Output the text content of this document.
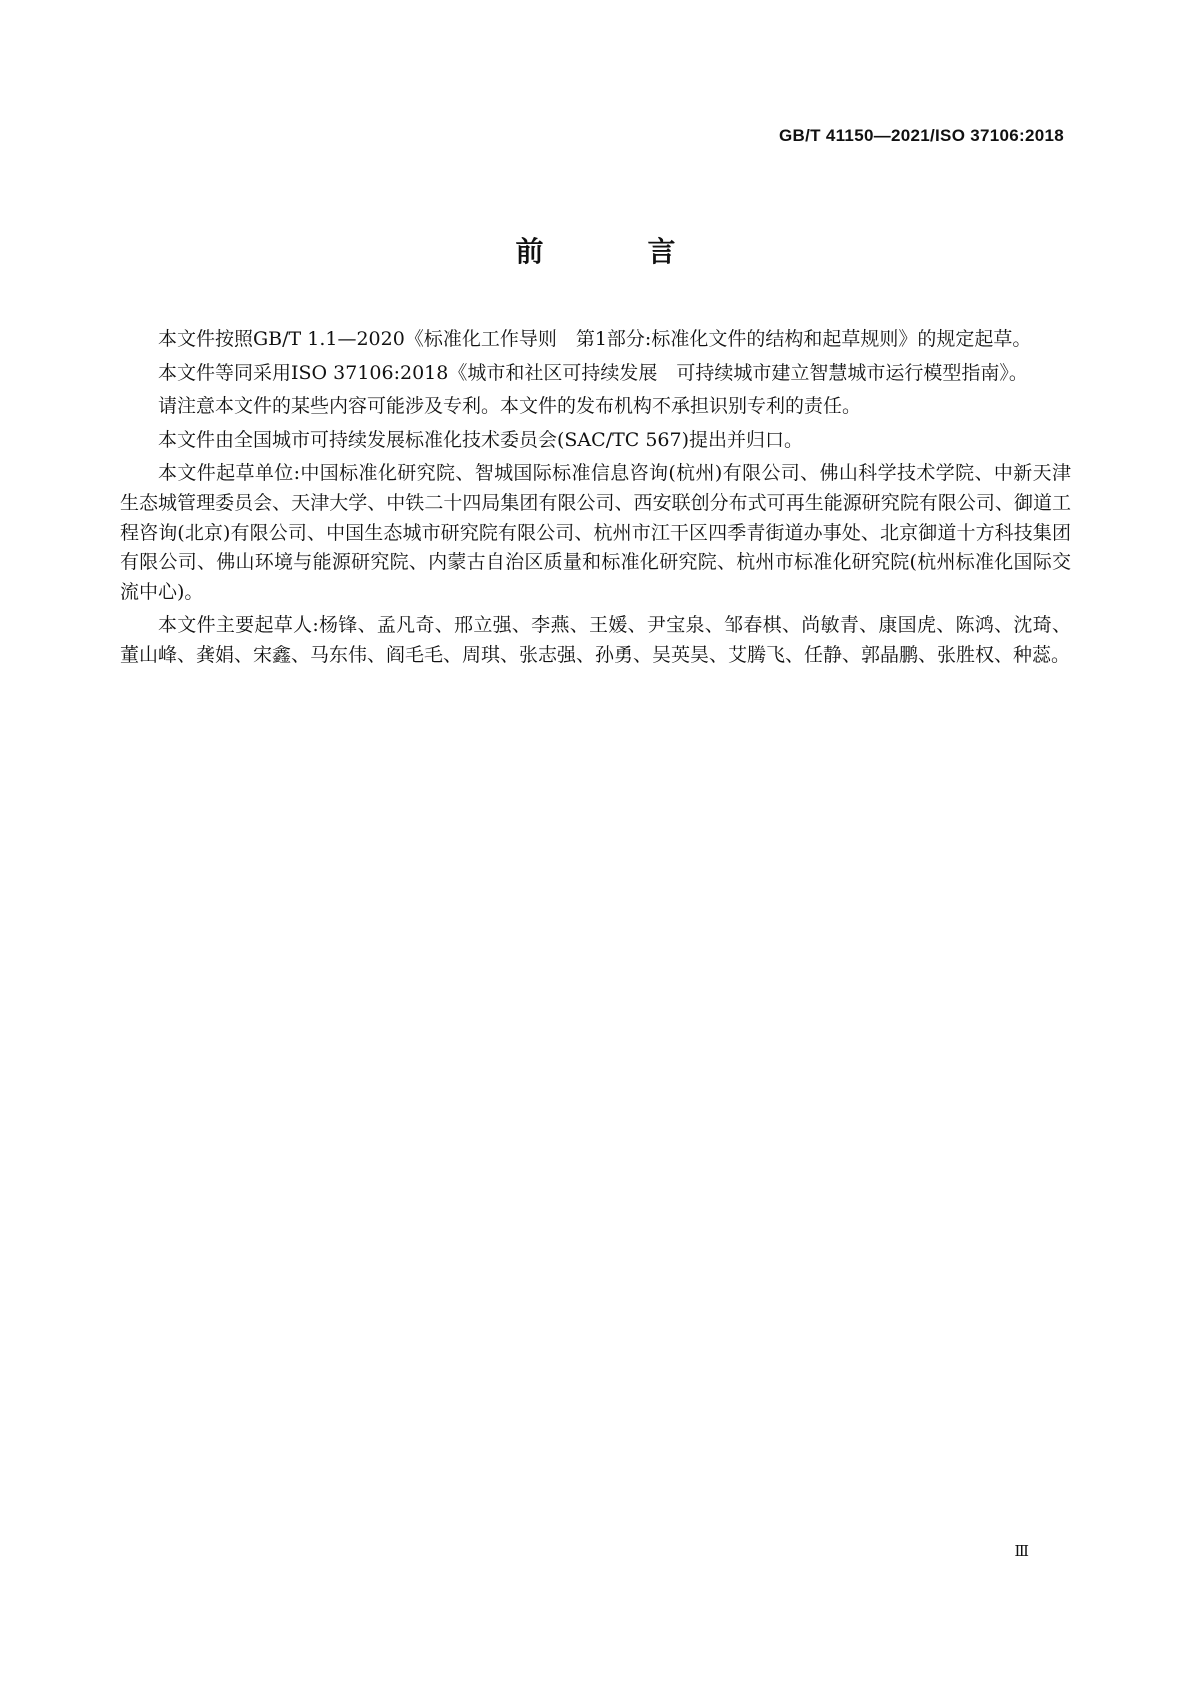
GB/T 41150—2021/ISO 37106:2018
前　言

本文件按照GB/T 1.1—2020《标准化工作导则　第1部分:标准化文件的结构和起草规则》的规定起草。

本文件等同采用ISO 37106:2018《城市和社区可持续发展　可持续城市建立智慧城市运行模型指南》。

请注意本文件的某些内容可能涉及专利。本文件的发布机构不承担识别专利的责任。

本文件由全国城市可持续发展标准化技术委员会(SAC/TC 567)提出并归口。

本文件起草单位:中国标准化研究院、智城国际标准信息咨询(杭州)有限公司、佛山科学技术学院、中新天津生态城管理委员会、天津大学、中铁二十四局集团有限公司、西安联创分布式可再生能源研究院有限公司、御道工程咨询(北京)有限公司、中国生态城市研究院有限公司、杭州市江干区四季青街道办事处、北京御道十方科技集团有限公司、佛山环境与能源研究院、内蒙古自治区质量和标准化研究院、杭州市标准化研究院(杭州标准化国际交流中心)。

本文件主要起草人:杨锋、孟凡奇、邢立强、李燕、王媛、尹宝泉、邹春棋、尚敏青、康国虎、陈鸿、沈琦、董山峰、龚娟、宋鑫、马东伟、阎毛毛、周琪、张志强、孙勇、吴英昊、艾腾飞、任静、郭晶鹏、张胜权、种蕊。

Ⅲ
